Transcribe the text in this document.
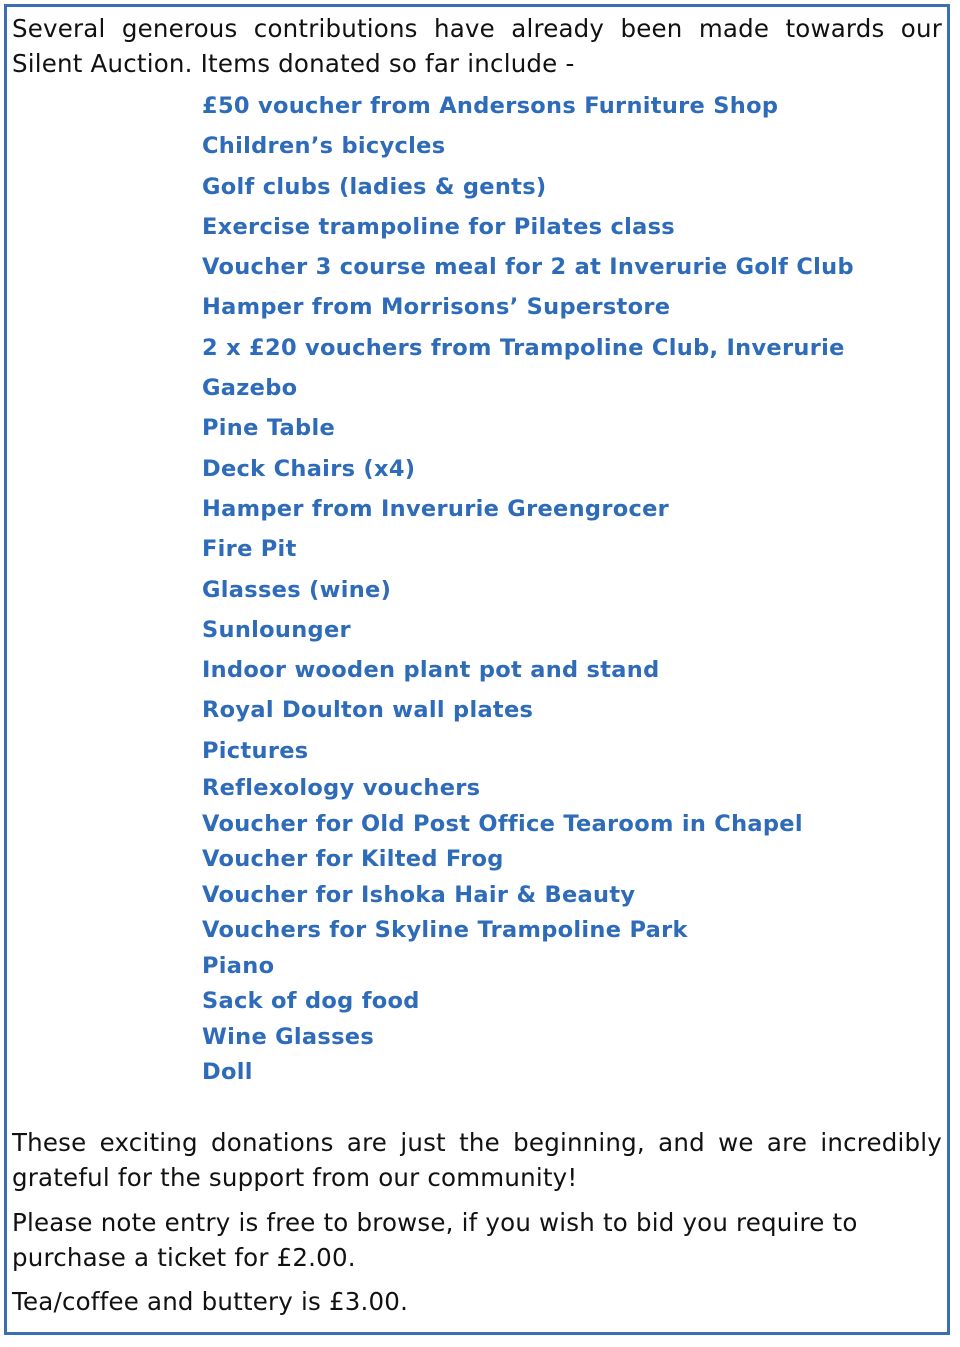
Several generous contributions have already been made towards our Silent Auction. Items donated so far include -

£50 voucher from Andersons Furniture Shop
Children’s bicycles
Golf clubs (ladies & gents)
Exercise trampoline for Pilates class
Voucher 3 course meal for 2 at Inverurie Golf Club
Hamper from Morrisons’ Superstore
2 x £20 vouchers from Trampoline Club, Inverurie
Gazebo
Pine Table
Deck Chairs (x4)
Hamper from Inverurie Greengrocer
Fire Pit
Glasses (wine)
Sunlounger
Indoor wooden plant pot and stand
Royal Doulton wall plates
Pictures
Reflexology vouchers
Voucher for Old Post Office Tearoom in Chapel
Voucher for Kilted Frog
Voucher for Ishoka Hair & Beauty
Vouchers for Skyline Trampoline Park
Piano
Sack of dog food
Wine Glasses
Doll

These exciting donations are just the beginning, and we are incredibly grateful for the support from our community!

Please note entry is free to browse, if you wish to bid you require to purchase a ticket for £2.00.

Tea/coffee and buttery is £3.00.
